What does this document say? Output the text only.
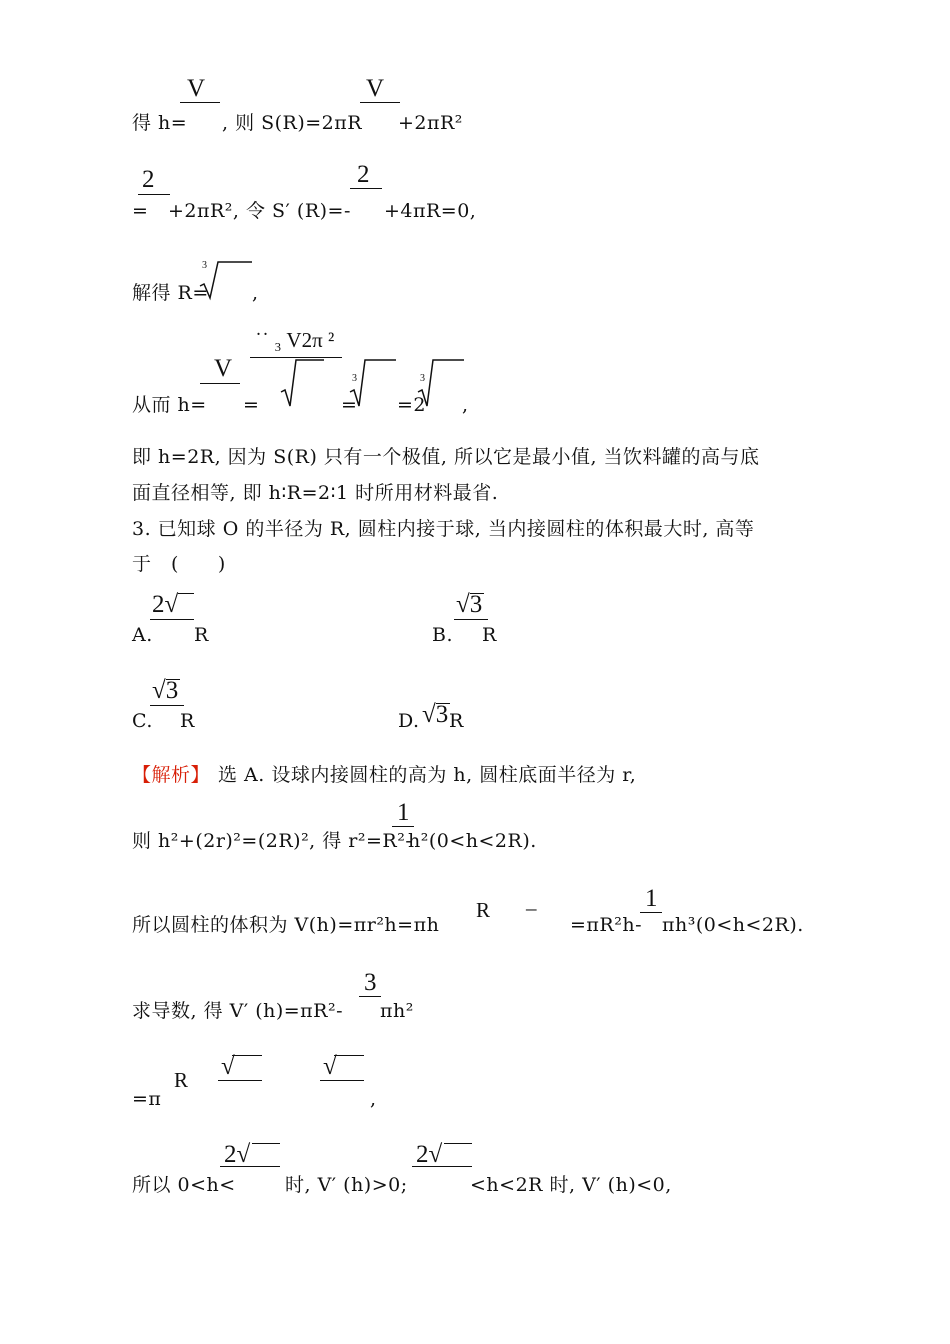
V	V
得 h= , 则 S(R)=2πR +2πR²
2	2
= +2πR², 令 S′ (R)=- +4πR=0,
3
解得 R= ,
˙˙ ₃ V2π ²
V	3	3
从而 h= =	= =2 ,
即 h=2R, 因为 S(R) 只有一个极值, 所以它是最小值, 当饮料罐的高与底
面直径相等, 即 h∶R=2∶1 时所用材料最省.
3. 已知球 O 的半径为 R, 圆柱内接于球, 当内接圆柱的体积最大时, 高等
于　(　　)
2√
A. R
√3
B. R
√3
C. R	D. √3 R
【解析】 选 A. 设球内接圆柱的高为 h, 圆柱底面半径为 r,
1
则 h²+(2r)²=(2R)², 得 r²=R²-
h²(0<h<2R).
1
R –
所以圆柱的体积为 V(h)=πr²h=πh	=πR²h- πh³(0<h<2R).
3
求导数, 得 V′ (h)=πR²- πh²
R √	√
=π	,
2√	2√
所以 0<h<	时, V′ (h)>0;	<h<2R 时, V′ (h)<0,
